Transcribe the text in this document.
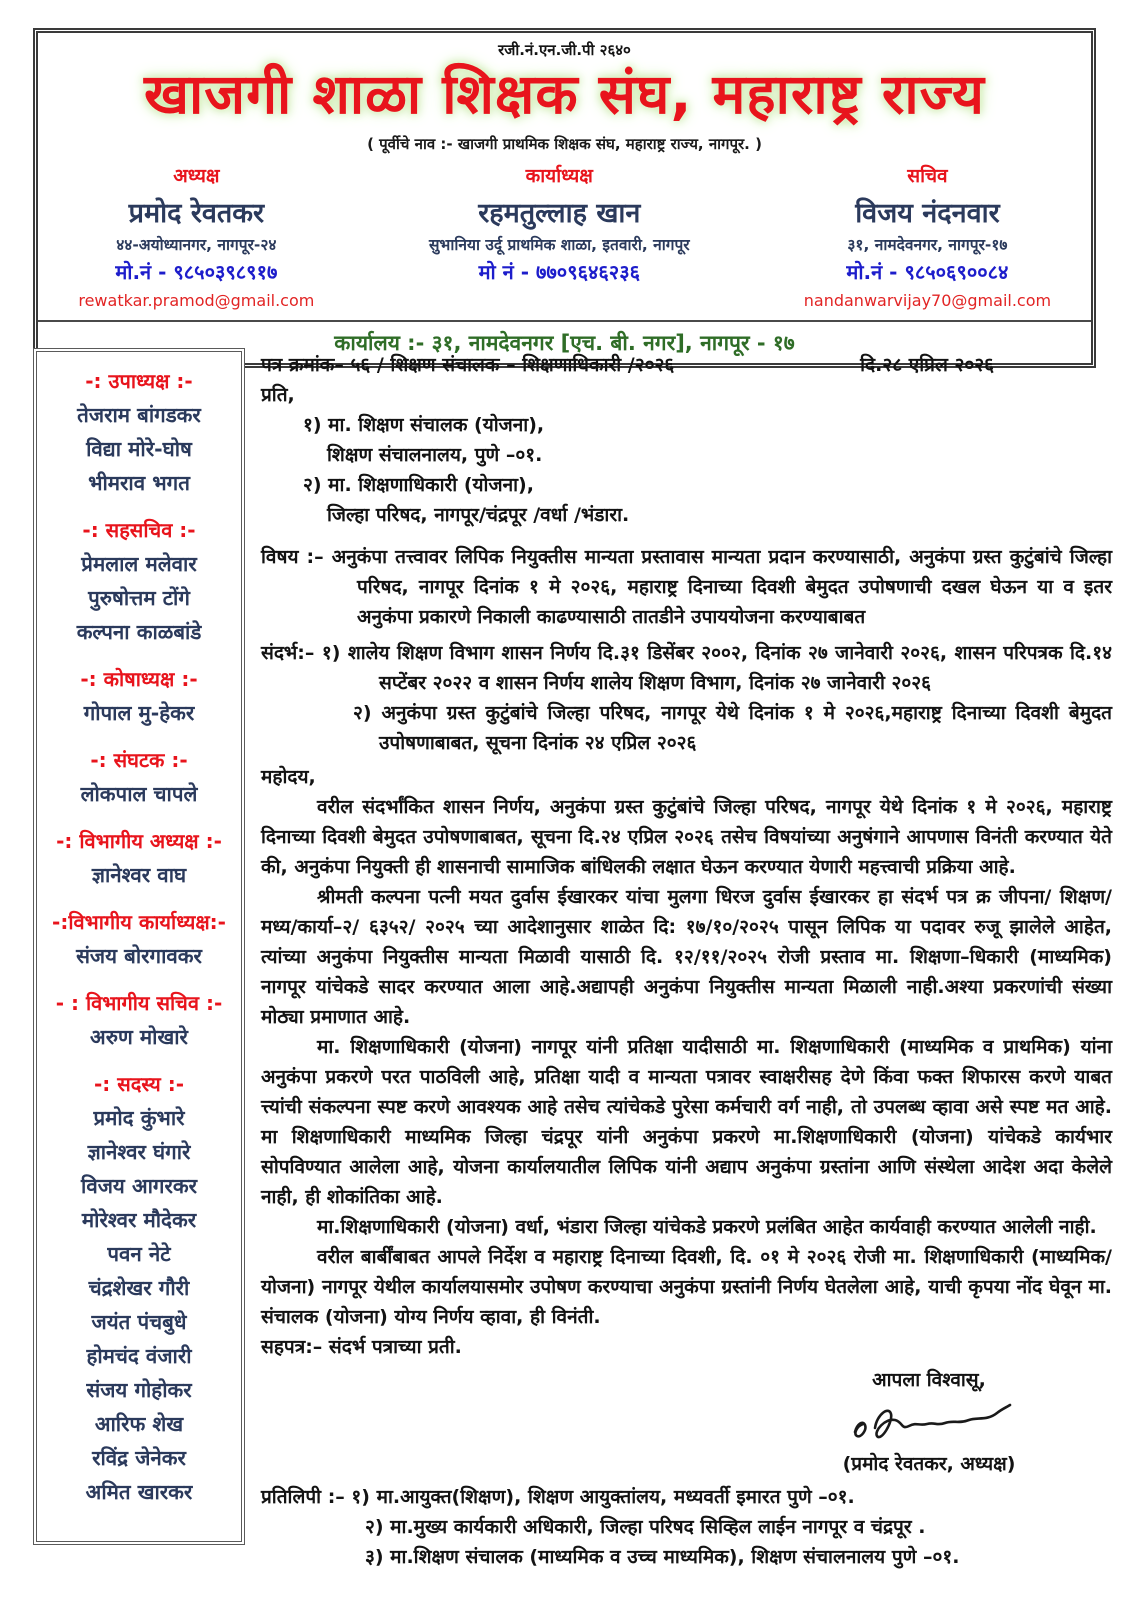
रजी.नं.एन.जी.पी २६४०
खाजगी शाळा शिक्षक संघ, महाराष्ट्र राज्य
( पूर्वीचे नाव :- खाजगी प्राथमिक शिक्षक संघ, महाराष्ट्र राज्य, नागपूर. )
अध्यक्ष
प्रमोद रेवतकर
४४-अयोध्यानगर, नागपूर-२४
मो.नं - ९८५०३९८९१७
rewatkar.pramod@gmail.com
कार्याध्यक्ष
रहमतुल्लाह खान
सुभानिया उर्दू प्राथमिक शाळा, इतवारी, नागपूर
मो नं - ७७०९६४६२३६
सचिव
विजय नंदनवार
३१, नामदेवनगर, नागपूर-१७
मो.नं - ९८५०६९००८४
nandanwarvijay70@gmail.com
कार्यालय :- ३१, नामदेवनगर [एच. बी. नगर], नागपूर - १७
-: उपाध्यक्ष :-
तेजराम बांगडकर
विद्या मोरे-घोष
भीमराव भगत
-: सहसचिव :-
प्रेमलाल मलेवार
पुरुषोत्तम टोंगे
कल्पना काळबांडे
-: कोषाध्यक्ष :-
गोपाल मु-हेकर
-: संघटक :-
लोकपाल चापले
-: विभागीय अध्यक्ष :-
ज्ञानेश्वर वाघ
-:विभागीय कार्याध्यक्ष:-
संजय बोरगावकर
- : विभागीय सचिव :-
अरुण मोखारे
-: सदस्य :-
प्रमोद कुंभारे
ज्ञानेश्वर घंगारे
विजय आगरकर
मोरेश्वर मौदेकर
पवन नेटे
चंद्रशेखर गौरी
जयंत पंचबुधे
होमचंद वंजारी
संजय गोहोकर
आरिफ शेख
रविंद्र जेनेकर
अमित खारकर
पत्र क्रमांक– ५६ / शिक्षण संचालक – शिक्षणाधिकारी /२०२६	दि.२८ एप्रिल २०२६
प्रति,
१) मा. शिक्षण संचालक (योजना),
शिक्षण संचालनालय, पुणे –०१.
२) मा. शिक्षणाधिकारी (योजना),
जिल्हा परिषद, नागपूर/चंद्रपूर /वर्धा /भंडारा.
विषय :– अनुकंपा तत्त्वावर लिपिक नियुक्तीस मान्यता प्रस्तावास मान्यता प्रदान करण्यासाठी, अनुकंपा ग्रस्त कुटुंबांचे जिल्हा परिषद, नागपूर दिनांक १ मे २०२६, महाराष्ट्र दिनाच्या दिवशी बेमुदत उपोषणाची दखल घेऊन या व इतर अनुकंपा प्रकारणे निकाली काढण्यासाठी तातडीने उपाययोजना करण्याबाबत
संदर्भ:– १) शालेय शिक्षण विभाग शासन निर्णय दि.३१ डिसेंबर २००२, दिनांक २७ जानेवारी २०२६, शासन परिपत्रक दि.१४ सप्टेंबर २०२२ व शासन निर्णय शालेय शिक्षण विभाग, दिनांक २७ जानेवारी २०२६
२) अनुकंपा ग्रस्त कुटुंबांचे जिल्हा परिषद, नागपूर येथे दिनांक १ मे २०२६,महाराष्ट्र दिनाच्या दिवशी बेमुदत उपोषणाबाबत, सूचना दिनांक २४ एप्रिल २०२६
महोदय,
वरील संदर्भांकित शासन निर्णय, अनुकंपा ग्रस्त कुटुंबांचे जिल्हा परिषद, नागपूर येथे दिनांक १ मे २०२६, महाराष्ट्र दिनाच्या दिवशी बेमुदत उपोषणाबाबत, सूचना दि.२४ एप्रिल २०२६ तसेच विषयांच्या अनुषंगाने आपणास विनंती करण्यात येते की, अनुकंपा नियुक्ती ही शासनाची सामाजिक बांधिलकी लक्षात घेऊन करण्यात येणारी महत्त्वाची प्रक्रिया आहे.
श्रीमती कल्पना पत्नी मयत दुर्वास ईखारकर यांचा मुलगा धिरज दुर्वास ईखारकर हा संदर्भ पत्र क्र जीपना/ शिक्षण/मध्य/कार्या–२/ ६३५२/ २०२५ च्या आदेशानुसार शाळेत दि: १७/१०/२०२५ पासून लिपिक या पदावर रुजू झालेले आहेत, त्यांच्या अनुकंपा नियुक्तीस मान्यता मिळावी यासाठी दि. १२/११/२०२५ रोजी प्रस्ताव मा. शिक्षणा–धिकारी (माध्यमिक) नागपूर यांचेकडे सादर करण्यात आला आहे.अद्यापही अनुकंपा नियुक्तीस मान्यता मिळाली नाही.अश्या प्रकरणांची संख्या मोठ्या प्रमाणात आहे.
मा. शिक्षणाधिकारी (योजना) नागपूर यांनी प्रतिक्षा यादीसाठी मा. शिक्षणाधिकारी (माध्यमिक व प्राथमिक) यांना अनुकंपा प्रकरणे परत पाठविली आहे, प्रतिक्षा यादी व मान्यता पत्रावर स्वाक्षरीसह देणे किंवा फक्त शिफारस करणे याबत त्त्यांची संकल्पना स्पष्ट करणे आवश्यक आहे तसेच त्यांचेकडे पुरेसा कर्मचारी वर्ग नाही, तो उपलब्ध व्हावा असे स्पष्ट मत आहे. मा शिक्षणाधिकारी माध्यमिक जिल्हा चंद्रपूर यांनी अनुकंपा प्रकरणे मा.शिक्षणाधिकारी (योजना) यांचेकडे कार्यभार सोपविण्यात आलेला आहे, योजना कार्यालयातील लिपिक यांनी अद्याप अनुकंपा ग्रस्तांना आणि संस्थेला आदेश अदा केलेले नाही, ही शोकांतिका आहे.
मा.शिक्षणाधिकारी (योजना) वर्धा, भंडारा जिल्हा यांचेकडे प्रकरणे प्रलंबित आहेत कार्यवाही करण्यात आलेली नाही.
वरील बार्बींबाबत आपले निर्देश व महाराष्ट्र दिनाच्या दिवशी, दि. ०१ मे २०२६ रोजी मा. शिक्षणाधिकारी (माध्यमिक/ योजना) नागपूर येथील कार्यालयासमोर उपोषण करण्याचा अनुकंपा ग्रस्तांनी निर्णय घेतलेला आहे, याची कृपया नोंद घेवून मा. संचालक (योजना) योग्य निर्णय व्हावा, ही विनंती.
सहपत्र:– संदर्भ पत्राच्या प्रती.
आपला विश्वासू,
(प्रमोद रेवतकर, अध्यक्ष)
प्रतिलिपी :– १) मा.आयुक्त(शिक्षण), शिक्षण आयुक्तांलय, मध्यवर्ती इमारत पुणे –०१.
२) मा.मुख्य कार्यकारी अधिकारी, जिल्हा परिषद सिव्हिल लाईन नागपूर व चंद्रपूर .
३) मा.शिक्षण संचालक (माध्यमिक व उच्च माध्यमिक), शिक्षण संचालनालय पुणे –०१.
